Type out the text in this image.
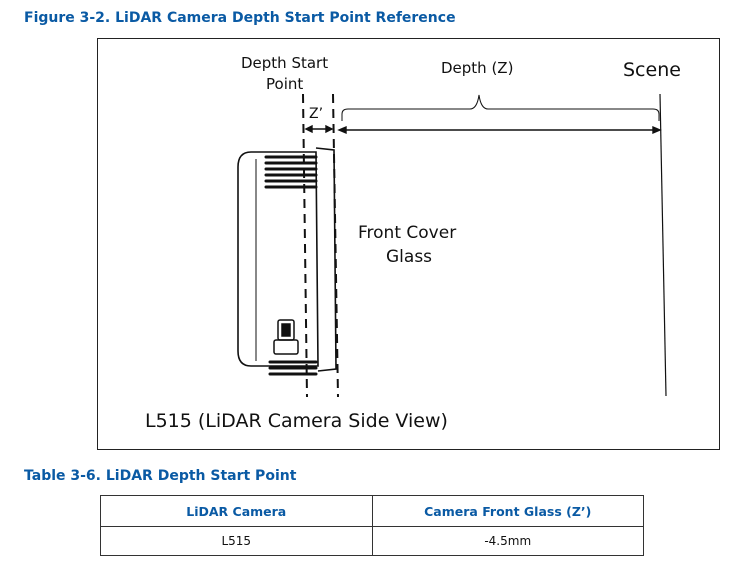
Figure 3-2. LiDAR Camera Depth Start Point Reference
Depth Start
Point
Depth (Z)	Scene
Z’
Front Cover
Glass
L515 (LiDAR Camera Side View)
Table 3-6. LiDAR Depth Start Point
LiDAR Camera	Camera Front Glass (Z’)
L515	-4.5mm
